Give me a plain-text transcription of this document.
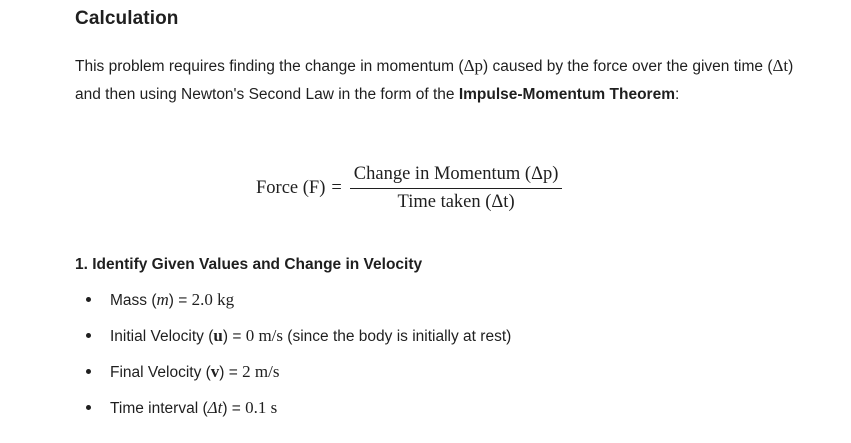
Calculation

This problem requires finding the change in momentum (Δp) caused by the force over the given time (Δt) and then using Newton's Second Law in the form of the Impulse-Momentum Theorem:

Force $(F) = \frac{\text{Change in Momentum (Δp)}}{\text{Time taken (Δt)}}$
1. Identify Given Values and Change in Velocity
Mass (m) = 2.0 kg
Initial Velocity (u) = 0 m/s (since the body is initially at rest)
Final Velocity (v) = 2 m/s
Time interval (Δt) = 0.1 s
